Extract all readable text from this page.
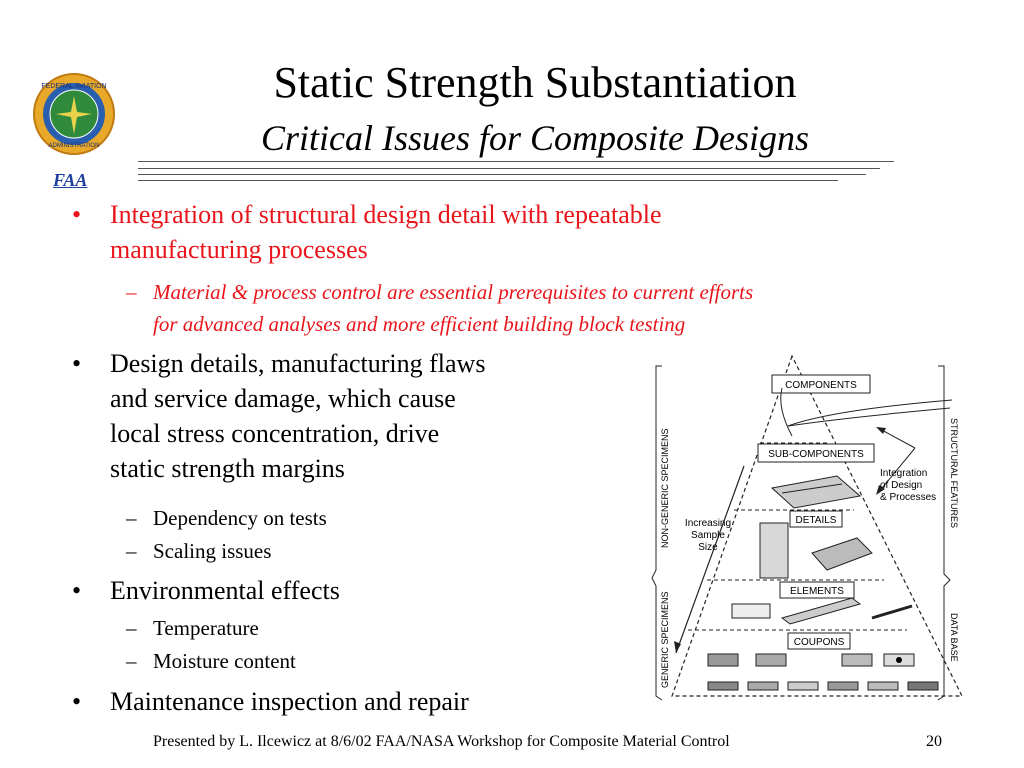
FEDERAL AVIATION
ADMINISTRATION
FAA
Static Strength Substantiation
Critical Issues for Composite Designs
• Integration of structural design detail with repeatable
manufacturing processes
– Material & process control are essential prerequisites to current efforts
for advanced analyses and more efficient building block testing
• Design details, manufacturing flaws
and service damage, which cause
local stress concentration, drive
static strength margins
– Dependency on tests
– Scaling issues
• Environmental effects
– Temperature
– Moisture content
• Maintenance inspection and repair
COMPONENTS
SUB-COMPONENTS
DETAILS
ELEMENTS
COUPONS
NON-GENERIC SPECIMENS
GENERIC SPECIMENS
STRUCTURAL FEATURES
DATA BASE
Increasing
Sample
Size
Integration
of Design
& Processes
Presented by L. Ilcewicz at 8/6/02 FAA/NASA Workshop for Composite Material Control	20
